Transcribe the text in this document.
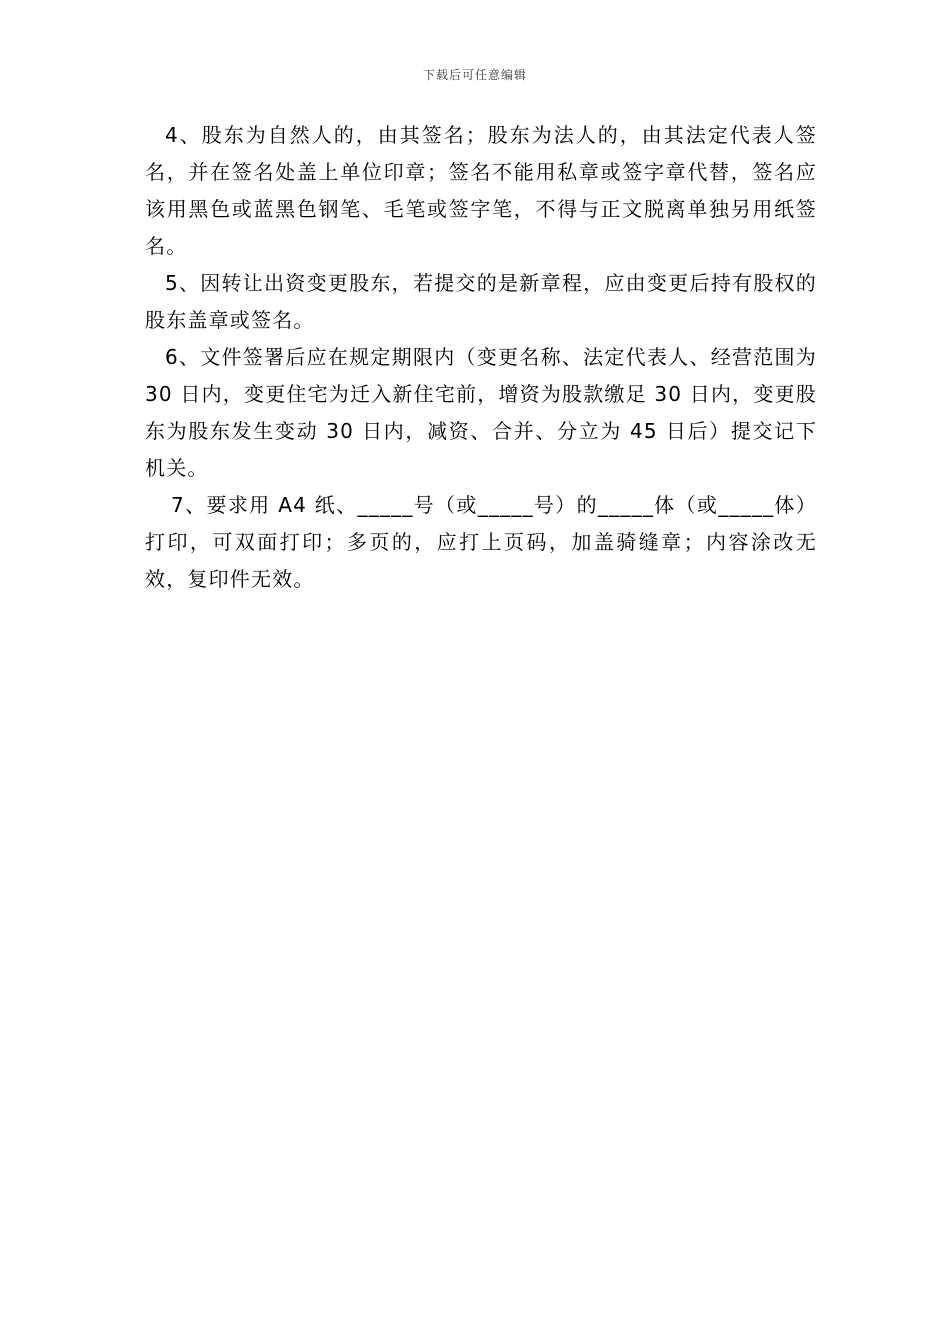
下载后可任意编辑

4、股东为自然人的，由其签名；股东为法人的，由其法定代表人签名，并在签名处盖上单位印章；签名不能用私章或签字章代替，签名应该用黑色或蓝黑色钢笔、毛笔或签字笔，不得与正文脱离单独另用纸签名。

5、因转让出资变更股东，若提交的是新章程，应由变更后持有股权的股东盖章或签名。

6、文件签署后应在规定期限内（变更名称、法定代表人、经营范围为 30 日内，变更住宅为迁入新住宅前，增资为股款缴足 30 日内，变更股东为股东发生变动 30 日内，减资、合并、分立为 45 日后）提交记下机关。

7、要求用 A4 纸、_____号（或_____号）的_____体（或_____体）打印，可双面打印；多页的，应打上页码，加盖骑缝章；内容涂改无效，复印件无效。
